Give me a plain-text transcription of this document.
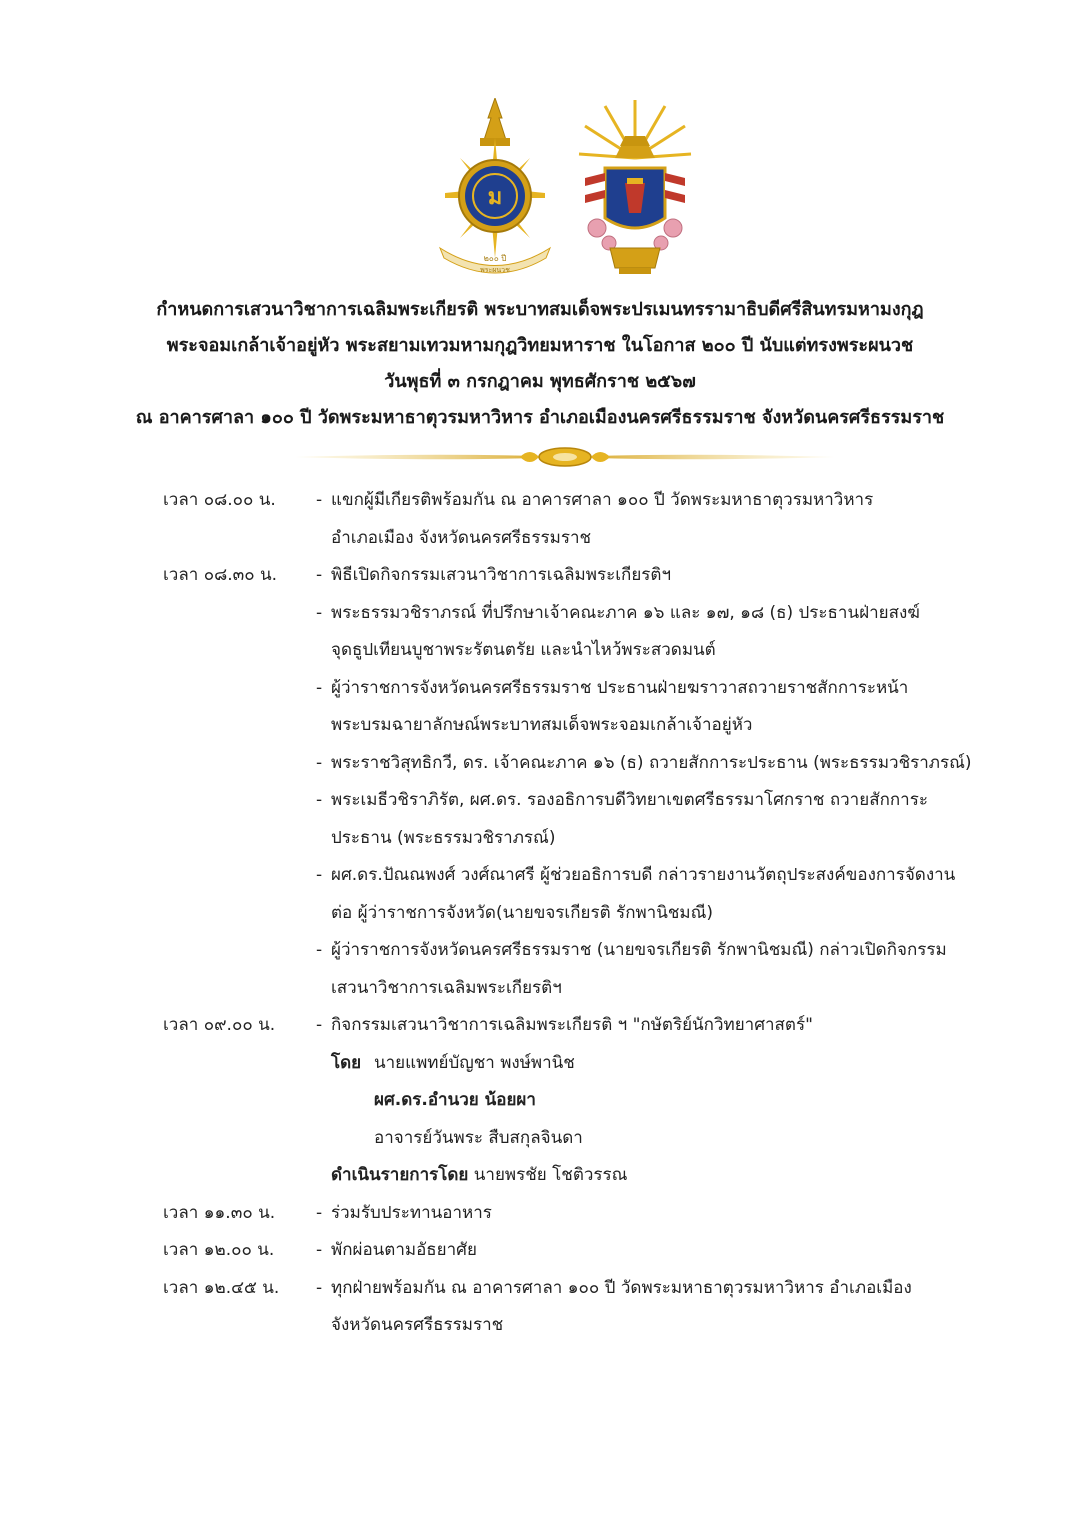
ม
๒๐๐ ปี
พระผนวช
กำหนดการเสวนาวิชาการเฉลิมพระเกียรติ พระบาทสมเด็จพระปรเมนทรรามาธิบดีศรีสินทรมหามงกุฎ
พระจอมเกล้าเจ้าอยู่หัว พระสยามเทวมหามกุฎวิทยมหาราช ในโอกาส ๒๐๐ ปี นับแต่ทรงพระผนวช
วันพุธที่ ๓ กรกฎาคม พุทธศักราช ๒๕๖๗
ณ อาคารศาลา ๑๐๐ ปี วัดพระมหาธาตุวรมหาวิหาร อำเภอเมืองนครศรีธรรมราช จังหวัดนครศรีธรรมราช
เวลา ๐๘.๐๐ น. - แขกผู้มีเกียรติพร้อมกัน ณ อาคารศาลา ๑๐๐ ปี วัดพระมหาธาตุวรมหาวิหาร
อำเภอเมือง จังหวัดนครศรีธรรมราช
เวลา ๐๘.๓๐ น. - พิธีเปิดกิจกรรมเสวนาวิชาการเฉลิมพระเกียรติฯ
- พระธรรมวชิราภรณ์ ที่ปรึกษาเจ้าคณะภาค ๑๖ และ ๑๗, ๑๘ (ธ) ประธานฝ่ายสงฆ์
จุดธูปเทียนบูชาพระรัตนตรัย และนำไหว้พระสวดมนต์
- ผู้ว่าราชการจังหวัดนครศรีธรรมราช ประธานฝ่ายฆราวาสถวายราชสักการะหน้า
พระบรมฉายาลักษณ์พระบาทสมเด็จพระจอมเกล้าเจ้าอยู่หัว
- พระราชวิสุทธิกวี, ดร. เจ้าคณะภาค ๑๖ (ธ) ถวายสักการะประธาน (พระธรรมวชิราภรณ์)
- พระเมธีวชิราภิรัต, ผศ.ดร. รองอธิการบดีวิทยาเขตศรีธรรมาโศกราช ถวายสักการะ
ประธาน (พระธรรมวชิราภรณ์)
- ผศ.ดร.ปัณณพงศ์ วงศ์ณาศรี ผู้ช่วยอธิการบดี กล่าวรายงานวัตถุประสงค์ของการจัดงาน
ต่อ ผู้ว่าราชการจังหวัด(นายขจรเกียรติ รักพานิชมณี)
- ผู้ว่าราชการจังหวัดนครศรีธรรมราช (นายขจรเกียรติ รักพานิชมณี) กล่าวเปิดกิจกรรม
เสวนาวิชาการเฉลิมพระเกียรติฯ
เวลา ๐๙.๐๐ น. - กิจกรรมเสวนาวิชาการเฉลิมพระเกียรติ ฯ "กษัตริย์นักวิทยาศาสตร์"
โดย นายแพทย์บัญชา พงษ์พานิช
ผศ.ดร.อำนวย น้อยผา
อาจารย์วันพระ สืบสกุลจินดา
ดำเนินรายการโดย นายพรชัย โชติวรรณ
เวลา ๑๑.๓๐ น. - ร่วมรับประทานอาหาร
เวลา ๑๒.๐๐ น. - พักผ่อนตามอัธยาศัย
เวลา ๑๒.๔๕ น. - ทุกฝ่ายพร้อมกัน ณ อาคารศาลา ๑๐๐ ปี วัดพระมหาธาตุวรมหาวิหาร อำเภอเมือง
จังหวัดนครศรีธรรมราช
